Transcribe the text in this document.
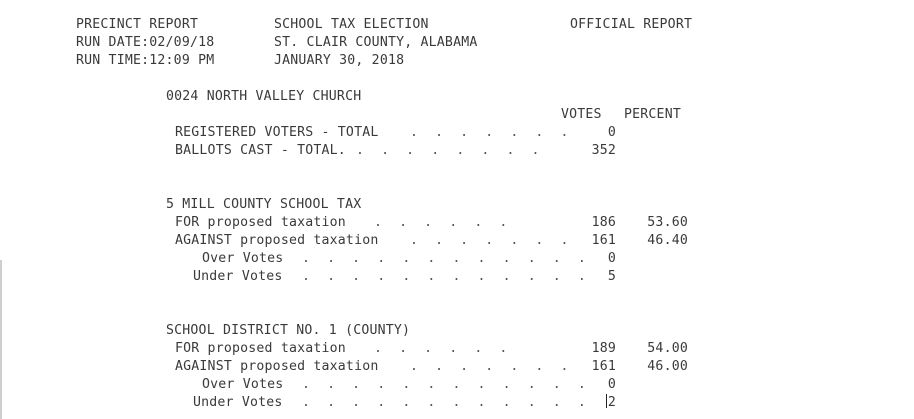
PRECINCT REPORT
RUN DATE:02/09/18
RUN TIME:12:09 PM
SCHOOL TAX ELECTION
ST. CLAIR COUNTY, ALABAMA
JANUARY 30, 2018
OFFICIAL REPORT
0024 NORTH VALLEY CHURCH
VOTES PERCENT
REGISTERED VOTERS - TOTAL . . . . . . .	0
BALLOTS CAST - TOTAL. . . . . . . . .	352
5 MILL COUNTY SCHOOL TAX
FOR proposed taxation . . . . . .	186	53.60
AGAINST proposed taxation . . . . . . .	161	46.40
Over Votes . . . . . . . . . . . .	0
Under Votes . . . . . . . . . . . .	5
SCHOOL DISTRICT NO. 1 (COUNTY)
FOR proposed taxation . . . . . .	189	54.00
AGAINST proposed taxation . . . . . . .	161	46.00
Over Votes . . . . . . . . . . . .	0
Under Votes . . . . . . . . . . . .	2
